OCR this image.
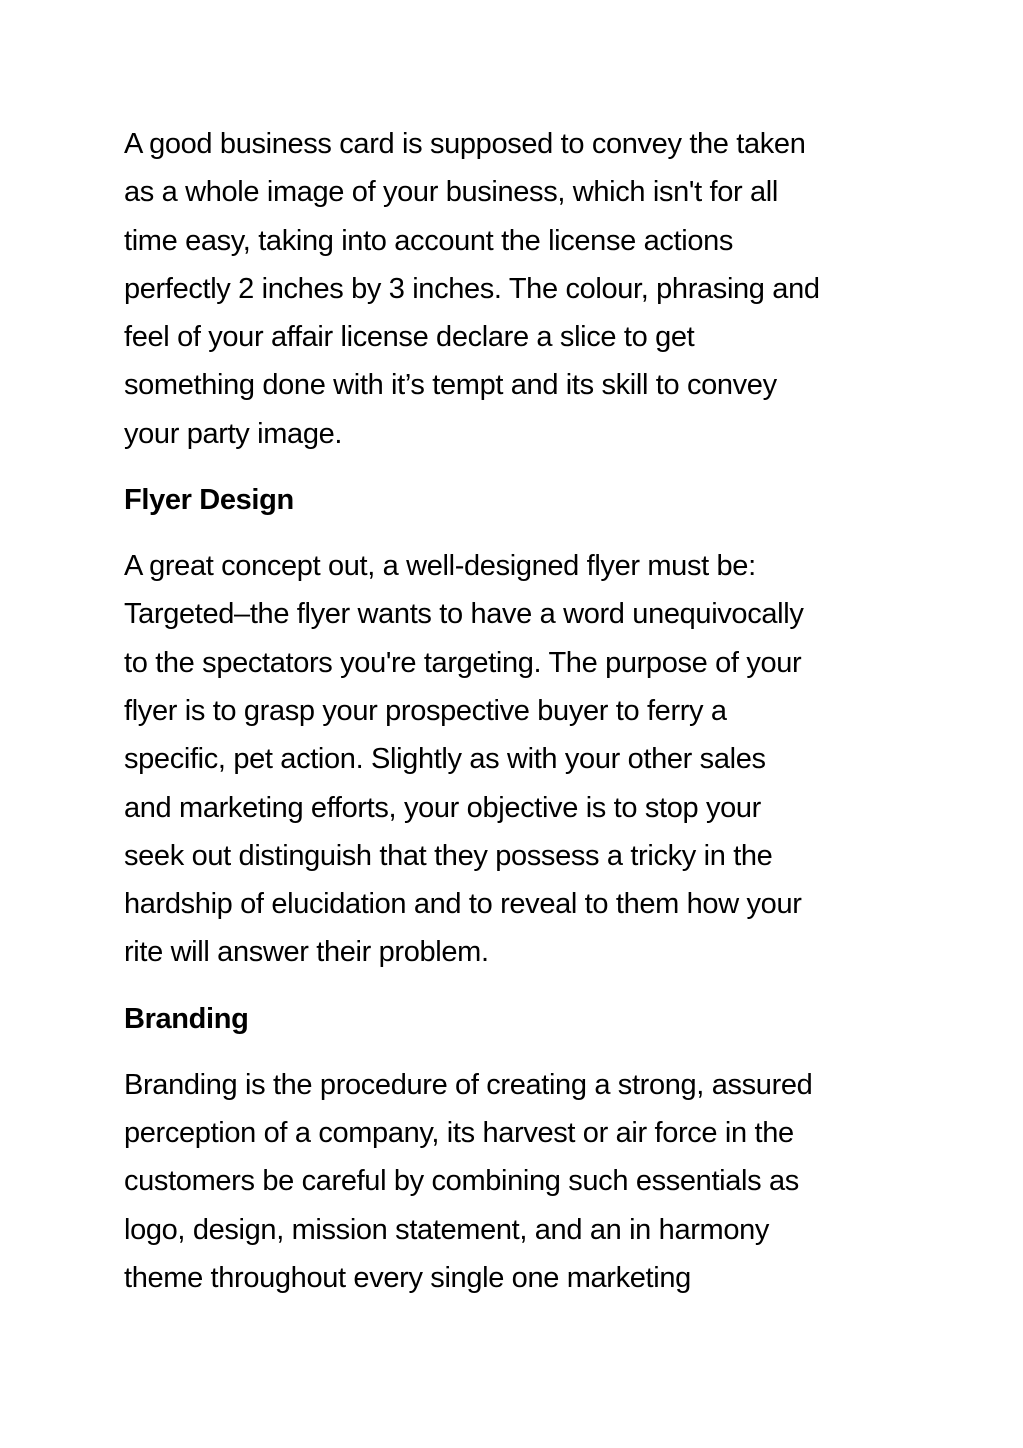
A good business card is supposed to convey the taken
as a whole image of your business, which isn't for all
time easy, taking into account the license actions
perfectly 2 inches by 3 inches. The colour, phrasing and
feel of your affair license declare a slice to get
something done with it’s tempt and its skill to convey
your party image.
Flyer Design
A great concept out, a well-designed flyer must be:
Targeted–the flyer wants to have a word unequivocally
to the spectators you're targeting. The purpose of your
flyer is to grasp your prospective buyer to ferry a
specific, pet action. Slightly as with your other sales
and marketing efforts, your objective is to stop your
seek out distinguish that they possess a tricky in the
hardship of elucidation and to reveal to them how your
rite will answer their problem.
Branding
Branding is the procedure of creating a strong, assured
perception of a company, its harvest or air force in the
customers be careful by combining such essentials as
logo, design, mission statement, and an in harmony
theme throughout every single one marketing
